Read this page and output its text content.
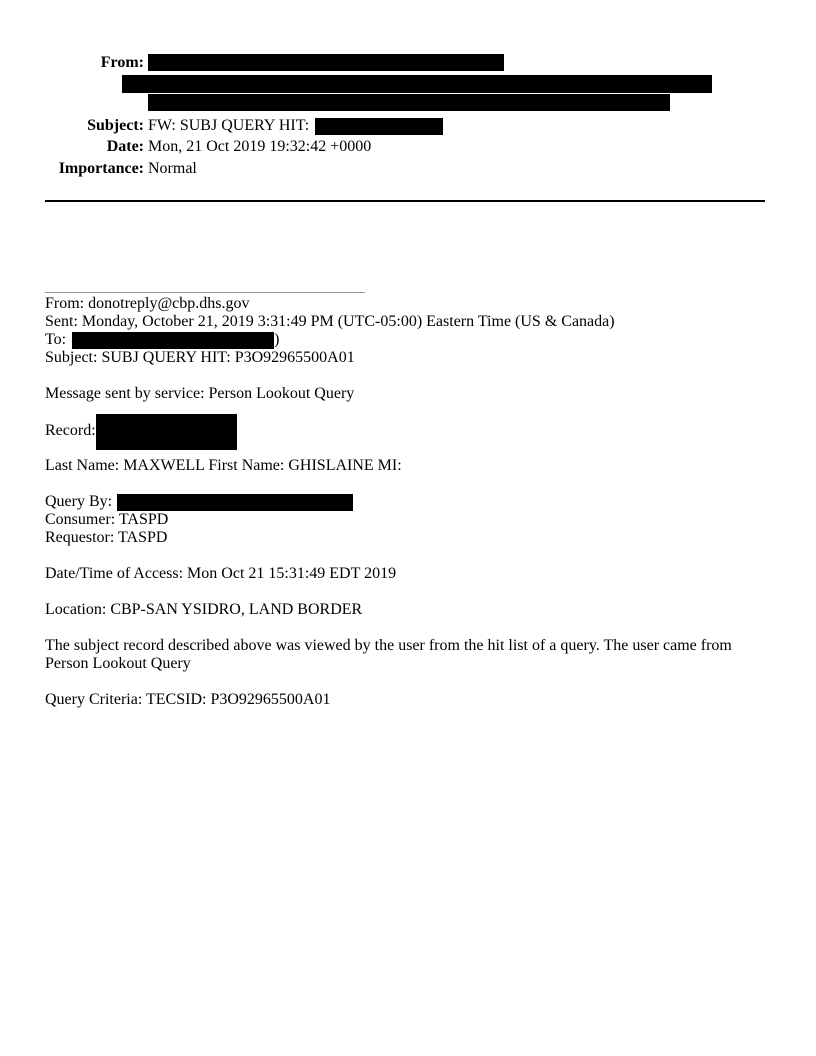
From:
Subject: FW: SUBJ QUERY HIT:
Date: Mon, 21 Oct 2019 19:32:42 +0000
Importance: Normal
From: donotreply@cbp.dhs.gov
Sent: Monday, October 21, 2019 3:31:49 PM (UTC-05:00) Eastern Time (US & Canada)
To:	)
Subject: SUBJ QUERY HIT: P3O92965500A01
Message sent by service: Person Lookout Query
Record:
Last Name: MAXWELL First Name: GHISLAINE MI:
Query By:
Consumer: TASPD
Requestor: TASPD
Date/Time of Access: Mon Oct 21 15:31:49 EDT 2019
Location: CBP-SAN YSIDRO, LAND BORDER
The subject record described above was viewed by the user from the hit list of a query. The user came from
Person Lookout Query
Query Criteria: TECSID: P3O92965500A01
